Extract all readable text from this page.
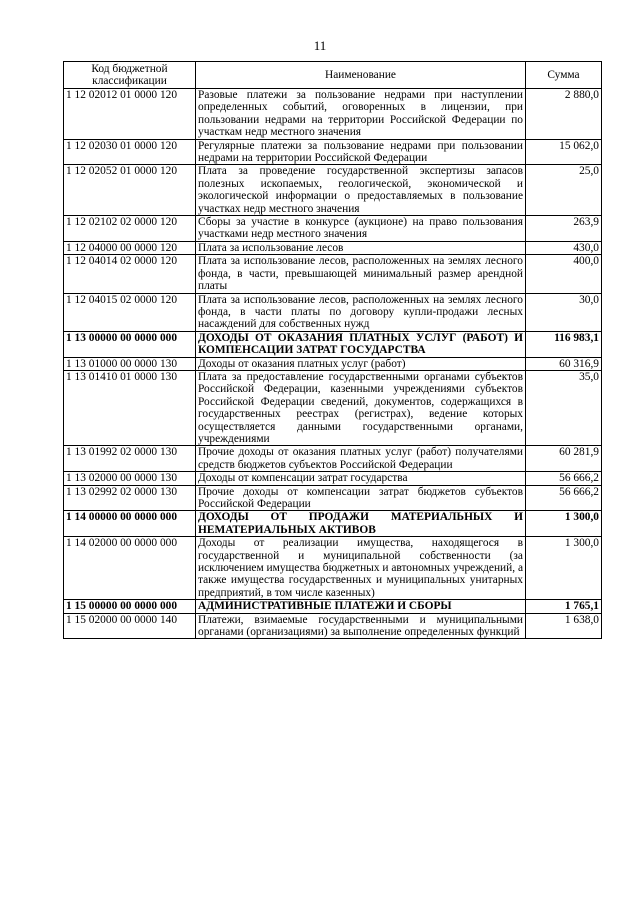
11
Код бюджетной классификации	Наименование	Сумма
1 12 02012 01 0000 120	Разовые платежи за пользование недрами при наступлении определенных событий, оговоренных в лицензии, при пользовании недрами на территории Российской Федерации по участкам недр местного значения	2 880,0
1 12 02030 01 0000 120	Регулярные платежи за пользование недрами при пользовании недрами на территории Российской Федерации	15 062,0
1 12 02052 01 0000 120	Плата за проведение государственной экспертизы запасов полезных ископаемых, геологической, экономической и экологической информации о предоставляемых в пользование участках недр местного значения	25,0
1 12 02102 02 0000 120	Сборы за участие в конкурсе (аукционе) на право пользования участками недр местного значения	263,9
1 12 04000 00 0000 120	Плата за использование лесов	430,0
1 12 04014 02 0000 120	Плата за использование лесов, расположенных на землях лесного фонда, в части, превышающей минимальный размер арендной платы	400,0
1 12 04015 02 0000 120	Плата за использование лесов, расположенных на землях лесного фонда, в части платы по договору купли-продажи лесных насаждений для собственных нужд	30,0
1 13 00000 00 0000 000	ДОХОДЫ ОТ ОКАЗАНИЯ ПЛАТНЫХ УСЛУГ (РАБОТ) И КОМПЕНСАЦИИ ЗАТРАТ ГОСУДАРСТВА	116 983,1
1 13 01000 00 0000 130	Доходы от оказания платных услуг (работ)	60 316,9
1 13 01410 01 0000 130	Плата за предоставление государственными органами субъектов Российской Федерации, казенными учреждениями субъектов Российской Федерации сведений, документов, содержащихся в государственных реестрах (регистрах), ведение которых осуществляется данными государственными органами, учреждениями	35,0
1 13 01992 02 0000 130	Прочие доходы от оказания платных услуг (работ) получателями средств бюджетов субъектов Российской Федерации	60 281,9
1 13 02000 00 0000 130	Доходы от компенсации затрат государства	56 666,2
1 13 02992 02 0000 130	Прочие доходы от компенсации затрат бюджетов субъектов Российской Федерации	56 666,2
1 14 00000 00 0000 000	ДОХОДЫ ОТ ПРОДАЖИ МАТЕРИАЛЬНЫХ И НЕМАТЕРИАЛЬНЫХ АКТИВОВ	1 300,0
1 14 02000 00 0000 000	Доходы от реализации имущества, находящегося в государственной и муниципальной собственности (за исключением имущества бюджетных и автономных учреждений, а также имущества государственных и муниципальных унитарных предприятий, в том числе казенных)	1 300,0
1 15 00000 00 0000 000	АДМИНИСТРАТИВНЫЕ ПЛАТЕЖИ И СБОРЫ	1 765,1
1 15 02000 00 0000 140	Платежи, взимаемые государственными и муниципальными органами (организациями) за выполнение определенных функций	1 638,0
